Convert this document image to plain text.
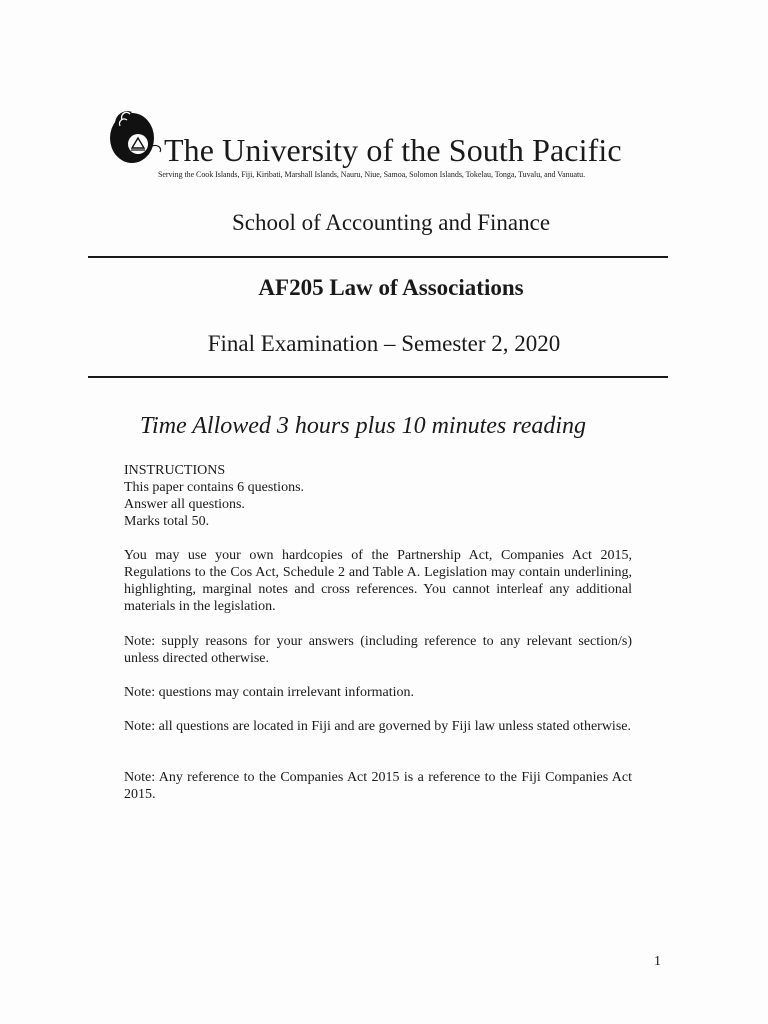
The University of the South Pacific
Serving the Cook Islands, Fiji, Kiribati, Marshall Islands, Nauru, Niue, Samoa, Solomon Islands, Tokelau, Tonga, Tuvalu, and Vanuatu.
School of Accounting and Finance
AF205 Law of Associations
Final Examination – Semester 2, 2020
Time Allowed 3 hours plus 10 minutes reading
INSTRUCTIONS
This paper contains 6 questions.
Answer all questions.
Marks total 50.
You may use your own hardcopies of the Partnership Act, Companies Act 2015, Regulations to the Cos Act, Schedule 2 and Table A. Legislation may contain underlining, highlighting, marginal notes and cross references. You cannot interleaf any additional materials in the legislation.
Note: supply reasons for your answers (including reference to any relevant section/s) unless directed otherwise.
Note: questions may contain irrelevant information.
Note: all questions are located in Fiji and are governed by Fiji law unless stated otherwise.
Note: Any reference to the Companies Act 2015 is a reference to the Fiji Companies Act 2015.
1
